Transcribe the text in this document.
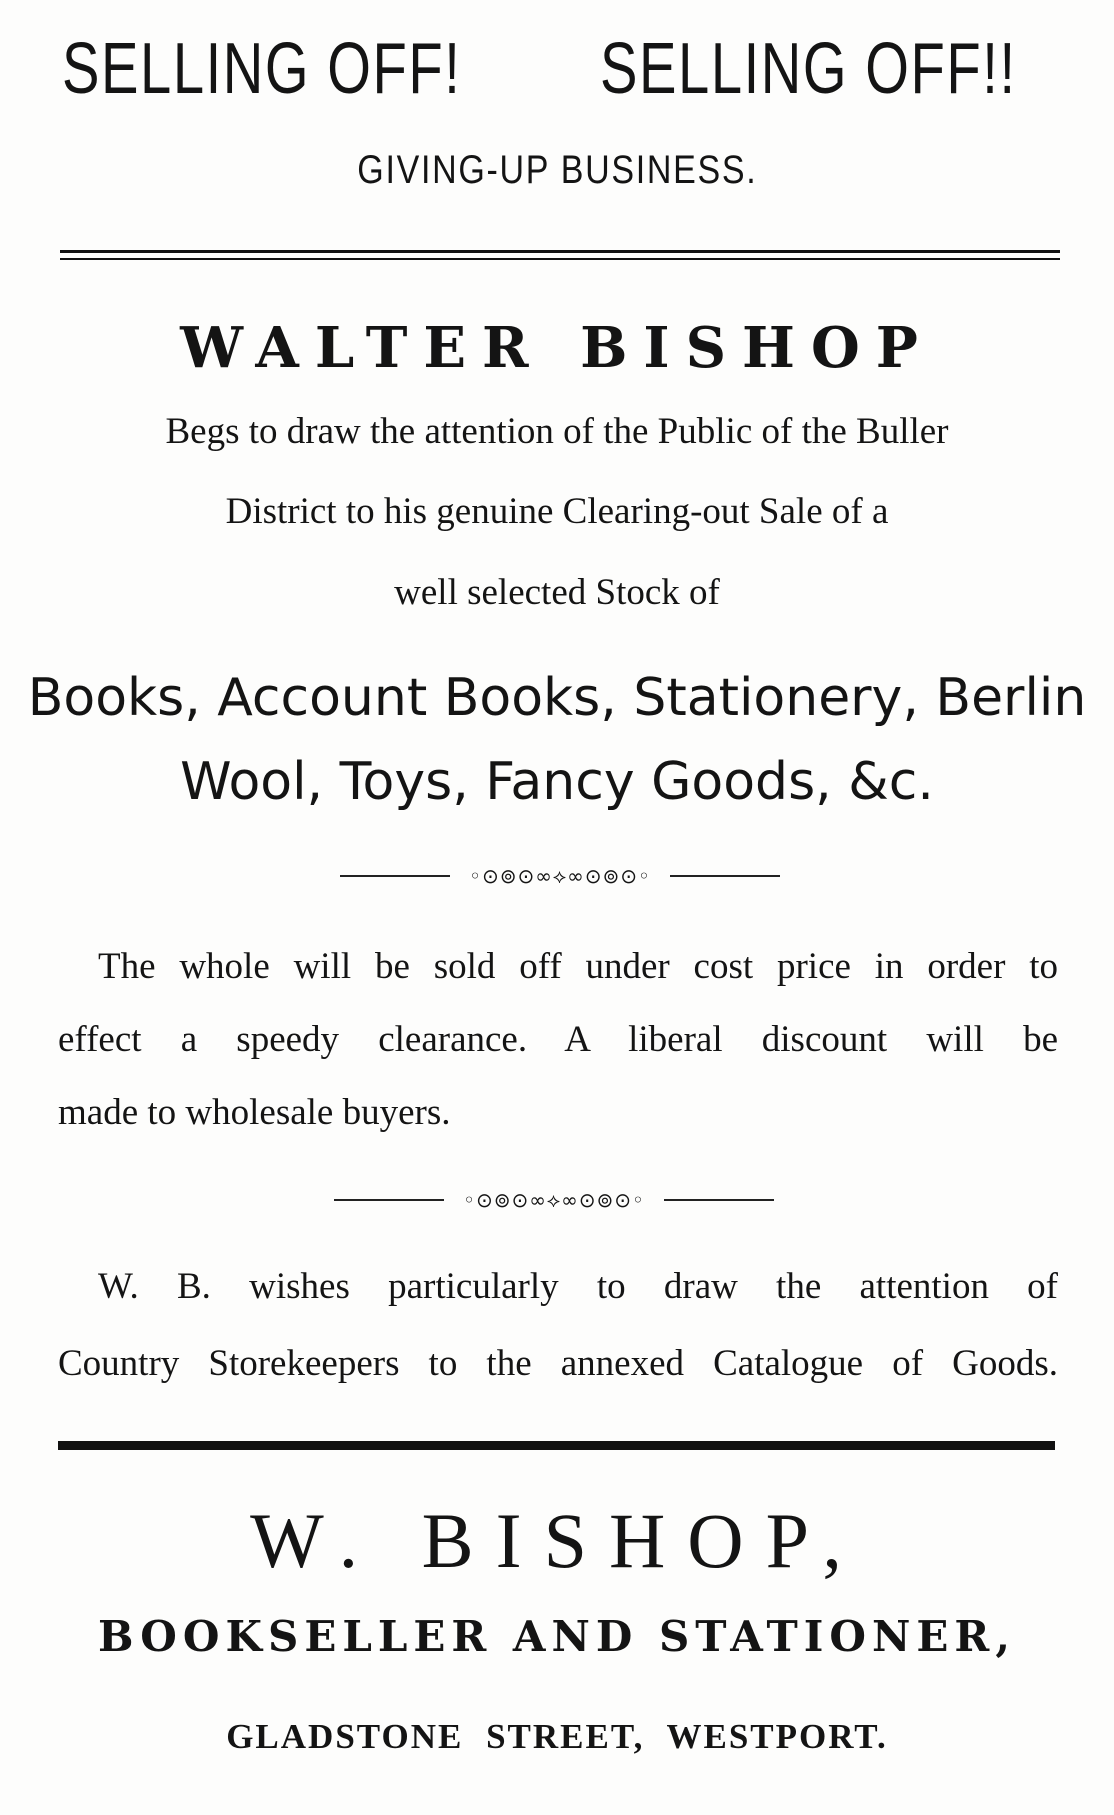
SELLING OFF! SELLING OFF!!
GIVING-UP BUSINESS.
WALTER BISHOP
Begs to draw the attention of the Public of the Buller
District to his genuine Clearing-out Sale of a
well selected Stock of
Books, Account Books, Stationery, Berlin
Wool, Toys, Fancy Goods, &c.
◦⊙⊚⊙∞⟡∞⊙⊚⊙◦
The whole will be sold off under cost price in order to
effect a speedy clearance. A liberal discount will be
made to wholesale buyers.
◦⊙⊚⊙∞⟡∞⊙⊚⊙◦
W. B. wishes particularly to draw the attention of
Country Storekeepers to the annexed Catalogue of Goods.
W. BISHOP,
BOOKSELLER AND STATIONER,
GLADSTONE STREET, WESTPORT.
